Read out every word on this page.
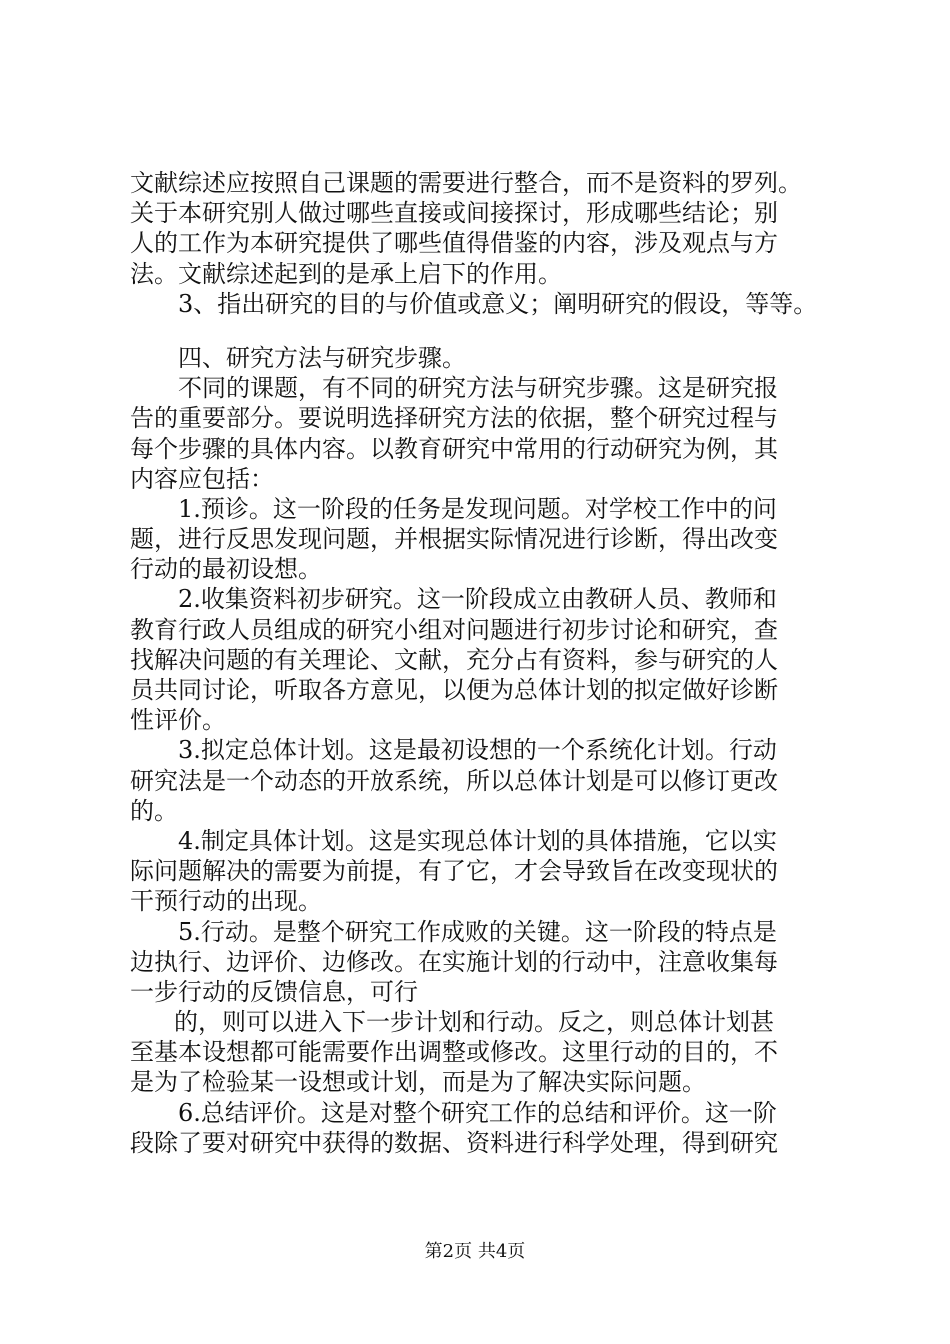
文献综述应按照自己课题的需要进行整合，而不是资料的罗列。
关于本研究别人做过哪些直接或间接探讨，形成哪些结论；别
人的工作为本研究提供了哪些值得借鉴的内容，涉及观点与方
法。文献综述起到的是承上启下的作用。
3、指出研究的目的与价值或意义；阐明研究的假设，等等。
四、研究方法与研究步骤。
不同的课题，有不同的研究方法与研究步骤。这是研究报
告的重要部分。要说明选择研究方法的依据，整个研究过程与
每个步骤的具体内容。以教育研究中常用的行动研究为例，其
内容应包括：
1.预诊。这一阶段的任务是发现问题。对学校工作中的问
题，进行反思发现问题，并根据实际情况进行诊断，得出改变
行动的最初设想。
2.收集资料初步研究。这一阶段成立由教研人员、教师和
教育行政人员组成的研究小组对问题进行初步讨论和研究，查
找解决问题的有关理论、文献，充分占有资料，参与研究的人
员共同讨论，听取各方意见，以便为总体计划的拟定做好诊断
性评价。
3.拟定总体计划。这是最初设想的一个系统化计划。行动
研究法是一个动态的开放系统，所以总体计划是可以修订更改
的。
4.制定具体计划。这是实现总体计划的具体措施，它以实
际问题解决的需要为前提，有了它，才会导致旨在改变现状的
干预行动的出现。
5.行动。是整个研究工作成败的关键。这一阶段的特点是
边执行、边评价、边修改。在实施计划的行动中，注意收集每
一步行动的反馈信息，可行
的，则可以进入下一步计划和行动。反之，则总体计划甚
至基本设想都可能需要作出调整或修改。这里行动的目的，不
是为了检验某一设想或计划，而是为了解决实际问题。
6.总结评价。这是对整个研究工作的总结和评价。这一阶
段除了要对研究中获得的数据、资料进行科学处理，得到研究
第2页 共4页
